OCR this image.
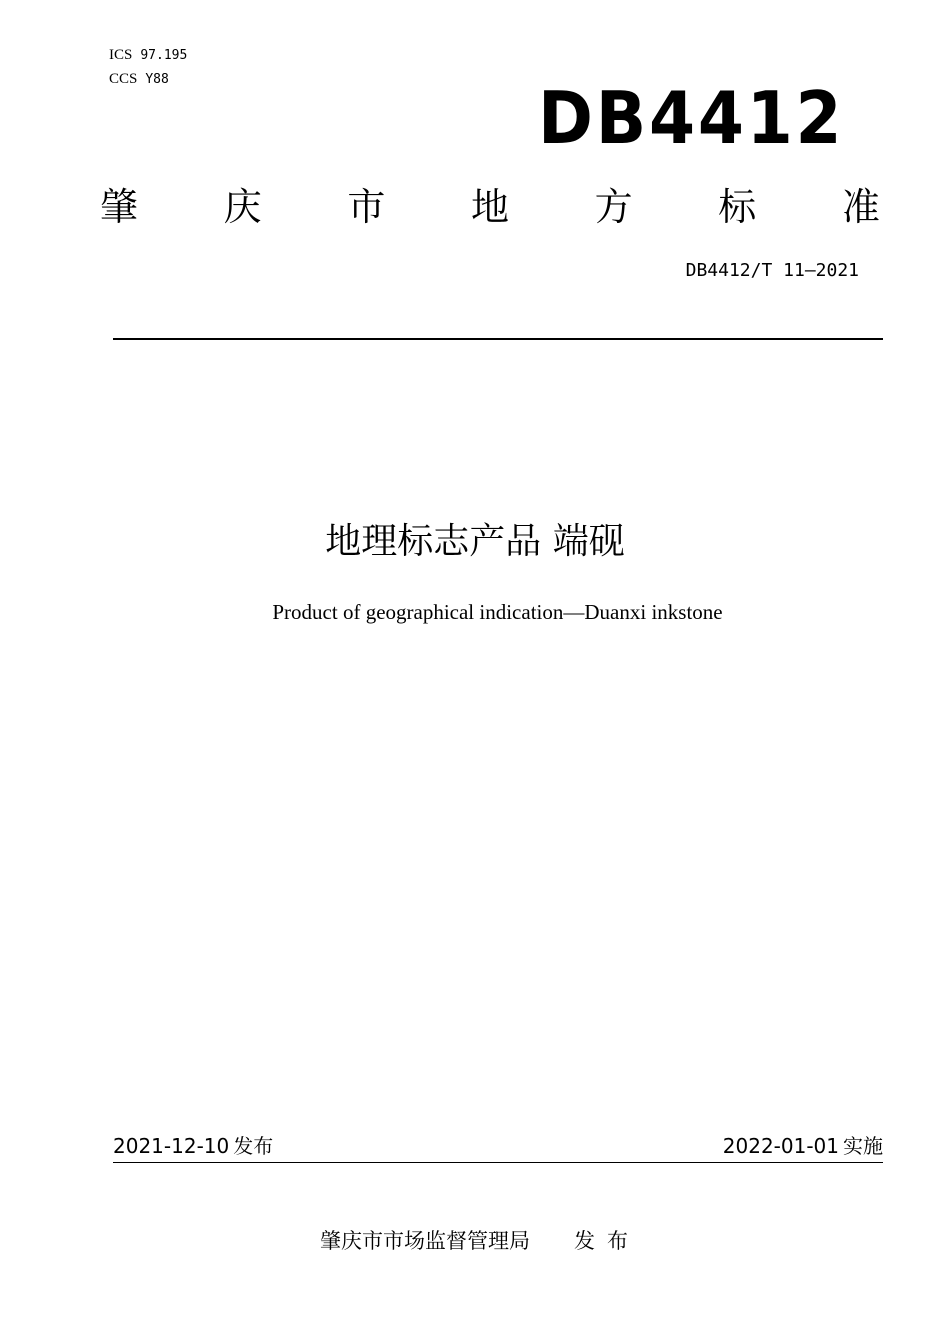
ICS 97.195
CCS Y88	DB4412
肇 庆 市 地 方 标 准
DB4412/T 11—2021
地理标志产品 端砚
Product of geographical indication—Duanxi inkstone
2021-12-10 发布	2022-01-01 实施
肇庆市市场监督管理局 发布
